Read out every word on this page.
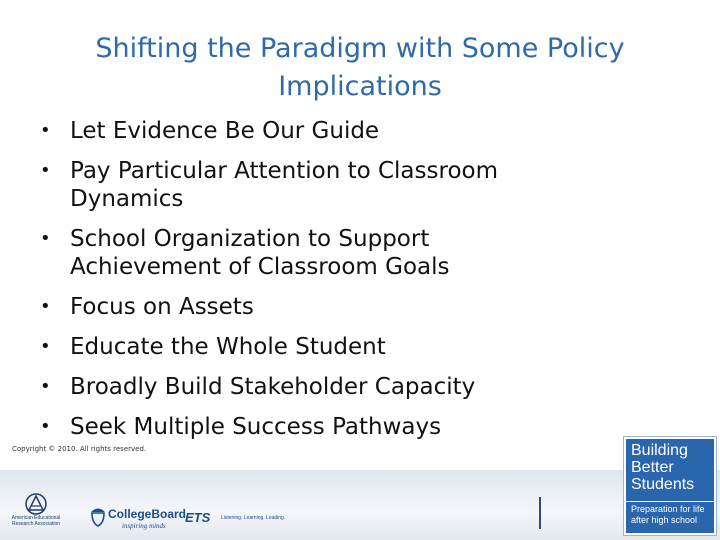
Shifting the Paradigm with Some Policy
Implications
• Let Evidence Be Our Guide
• Pay Particular Attention to Classroom
Dynamics
• School Organization to Support
Achievement of Classroom Goals
• Focus on Assets
• Educate the Whole Student
• Broadly Build Stakeholder Capacity
• Seek Multiple Success Pathways
Copyright © 2010. All rights reserved.
American Educational
Research Association
CollegeBoard
inspiring minds
ETS Listening. Learning. Leading.
Building
Better
Students
Preparation for life
after high school
